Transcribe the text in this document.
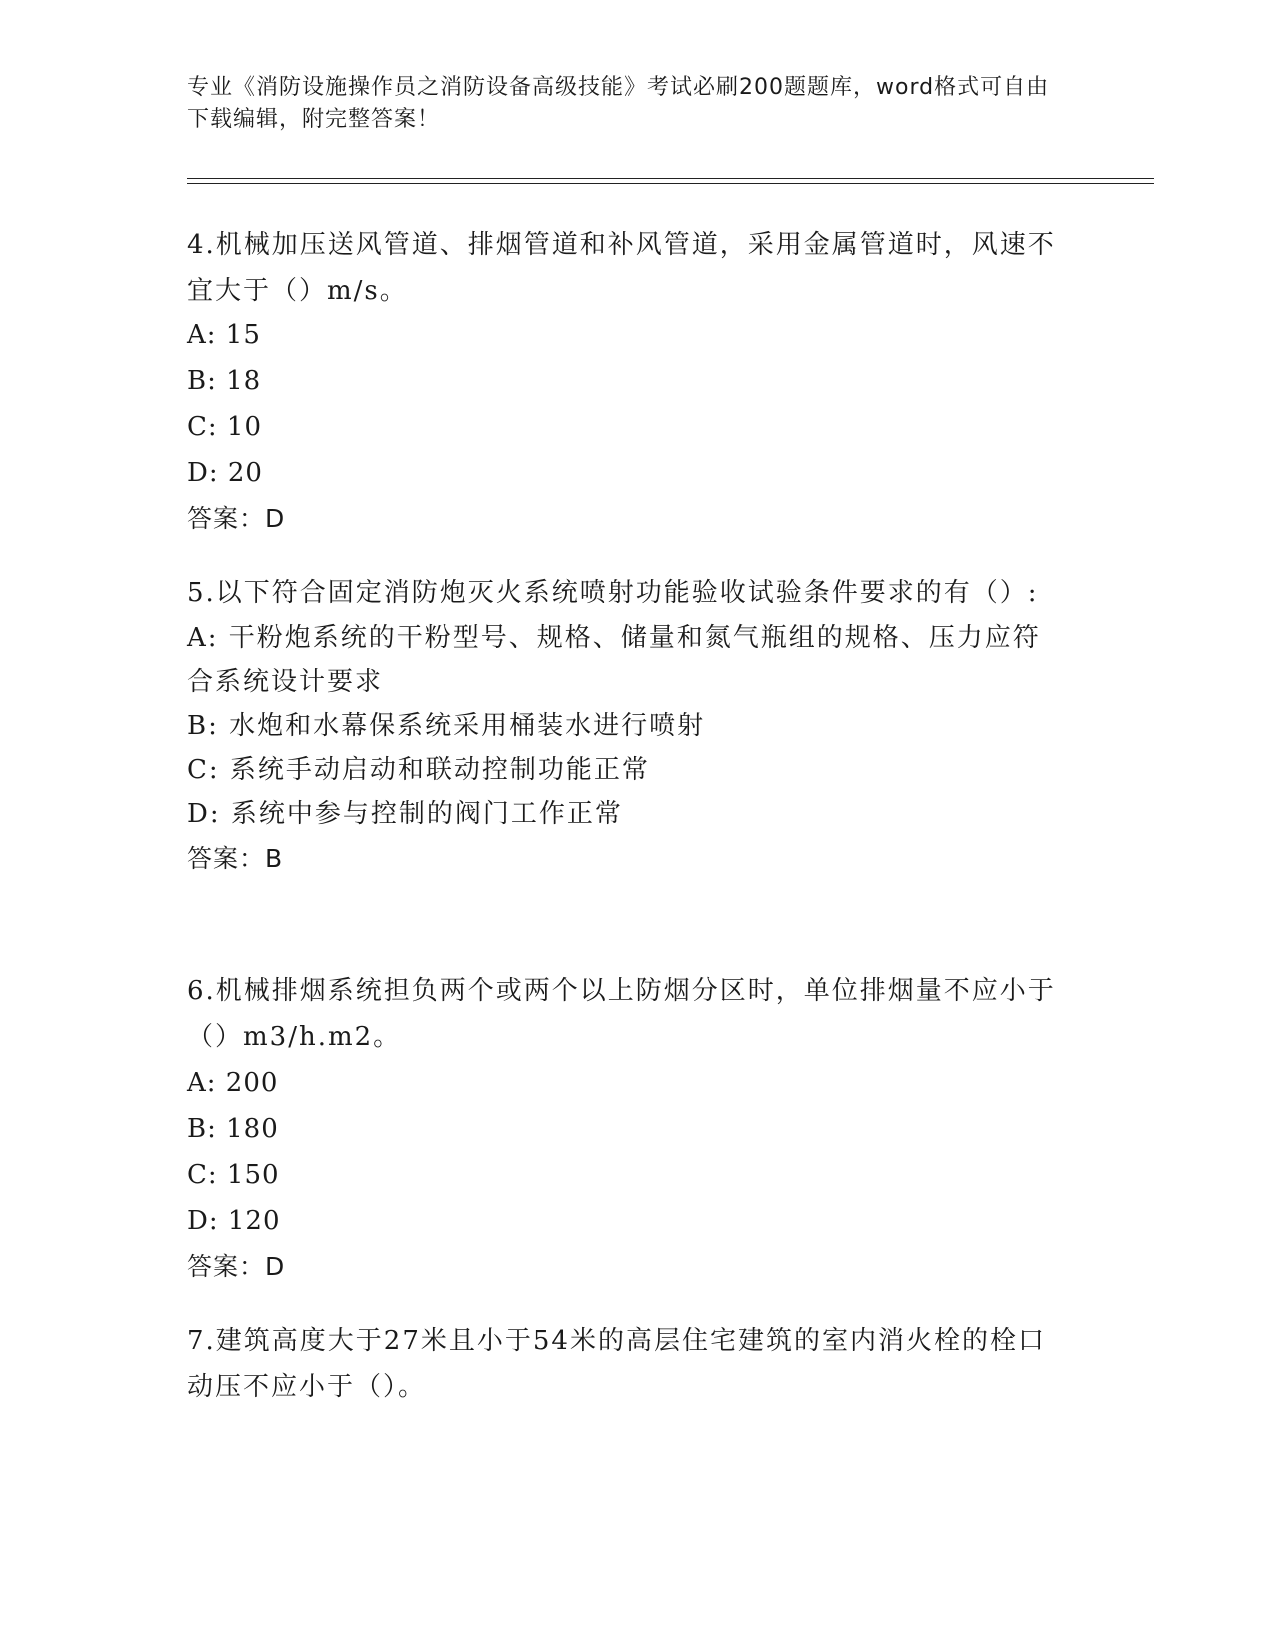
专业《消防设施操作员之消防设备高级技能》考试必刷200题题库，word格式可自由下载编辑，附完整答案！

4.机械加压送风管道、排烟管道和补风管道，采用金属管道时，风速不宜大于（）m/s。

A: 15

B: 18

C: 10

D: 20

答案：D

5.以下符合固定消防炮灭火系统喷射功能验收试验条件要求的有（）:

A: 干粉炮系统的干粉型号、规格、储量和氮气瓶组的规格、压力应符合系统设计要求

B: 水炮和水幕保系统采用桶装水进行喷射

C: 系统手动启动和联动控制功能正常

D: 系统中参与控制的阀门工作正常

答案：B

6.机械排烟系统担负两个或两个以上防烟分区时，单位排烟量不应小于（）m3/h.m2。

A: 200

B: 180

C: 150

D: 120

答案：D

7.建筑高度大于27米且小于54米的高层住宅建筑的室内消火栓的栓口动压不应小于（）。
